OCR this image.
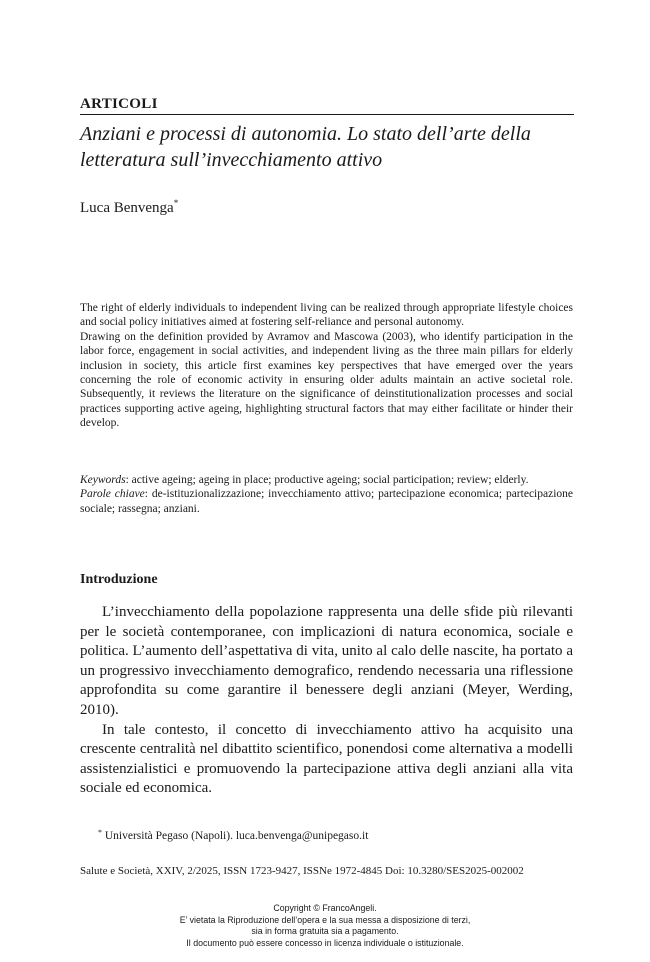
ARTICOLI
Anziani e processi di autonomia. Lo stato dell’arte della letteratura sull’invecchiamento attivo
Luca Benvenga*

The right of elderly individuals to independent living can be realized through appropriate lifestyle choices and social policy initiatives aimed at fostering self-reliance and personal autonomy.

Drawing on the definition provided by Avramov and Mascowa (2003), who identify participation in the labor force, engagement in social activities, and independent living as the three main pillars for elderly inclusion in society, this article first examines key perspectives that have emerged over the years concerning the role of economic activity in ensuring older adults maintain an active societal role. Subsequently, it reviews the literature on the significance of deinstitutionalization processes and social practices supporting active ageing, highlighting structural factors that may either facilitate or hinder their develop.

Keywords: active ageing; ageing in place; productive ageing; social participation; review; elderly.

Parole chiave: de-istituzionalizzazione; invecchiamento attivo; partecipazione economica; partecipazione sociale; rassegna; anziani.

Introduzione

L’invecchiamento della popolazione rappresenta una delle sfide più rilevanti per le società contemporanee, con implicazioni di natura economica, sociale e politica. L’aumento dell’aspettativa di vita, unito al calo delle nascite, ha portato a un progressivo invecchiamento demografico, rendendo necessaria una riflessione approfondita su come garantire il benessere degli anziani (Meyer, Werding, 2010).

In tale contesto, il concetto di invecchiamento attivo ha acquisito una crescente centralità nel dibattito scientifico, ponendosi come alternativa a modelli assistenzialistici e promuovendo la partecipazione attiva degli anziani alla vita sociale ed economica.

* Università Pegaso (Napoli). luca.benvenga@unipegaso.it
Salute e Società, XXIV, 2/2025, ISSN 1723-9427, ISSNe 1972-4845 Doi: 10.3280/SES2025-002002
Copyright © FrancoAngeli.
E’ vietata la Riproduzione dell’opera e la sua messa a disposizione di terzi,
sia in forma gratuita sia a pagamento.
Il documento può essere concesso in licenza individuale o istituzionale.
